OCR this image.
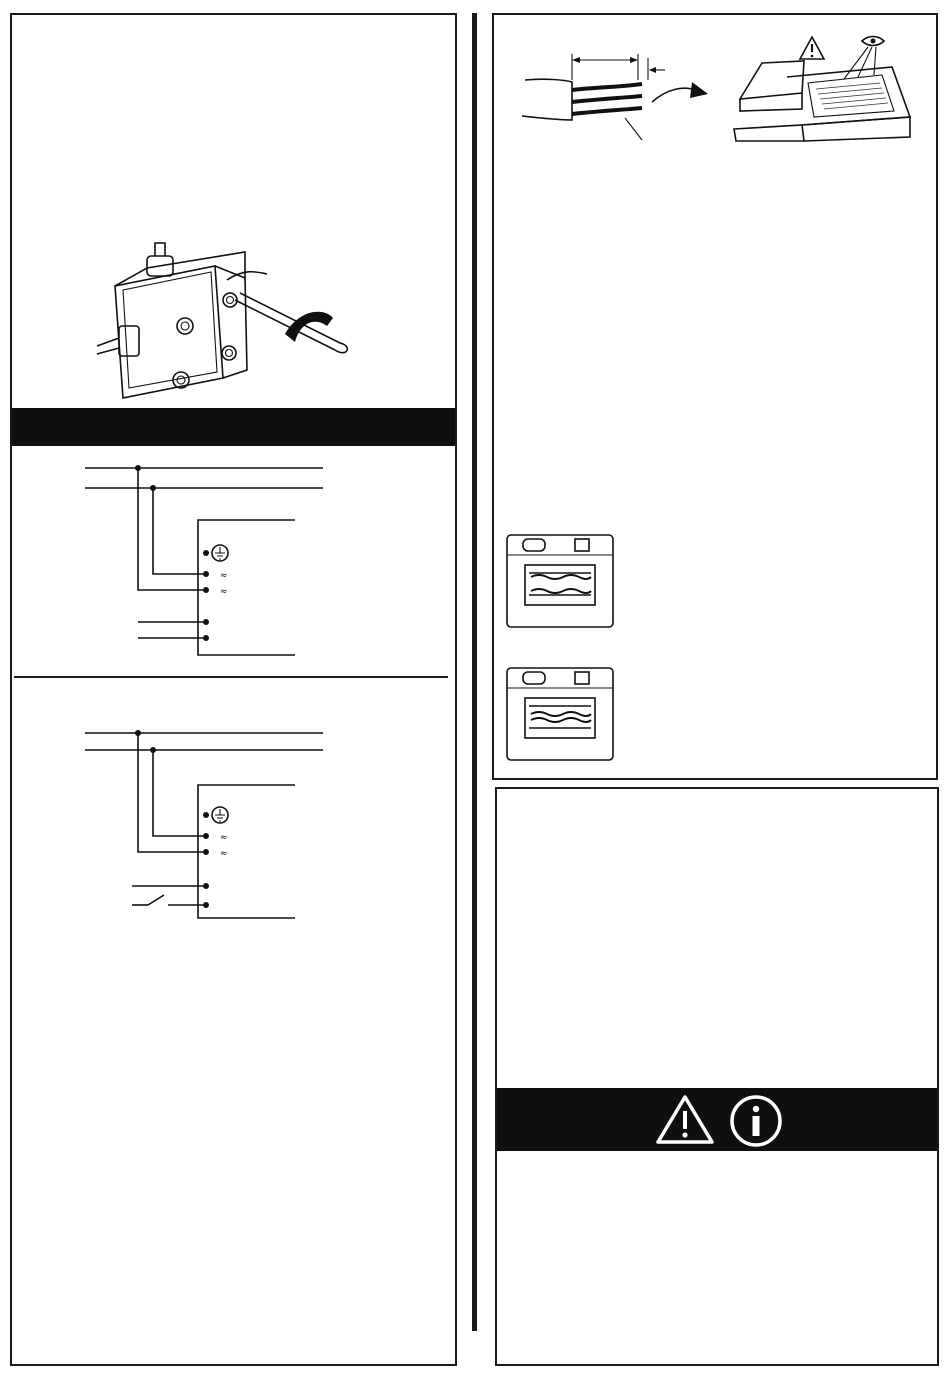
≈
≈
≈
≈
